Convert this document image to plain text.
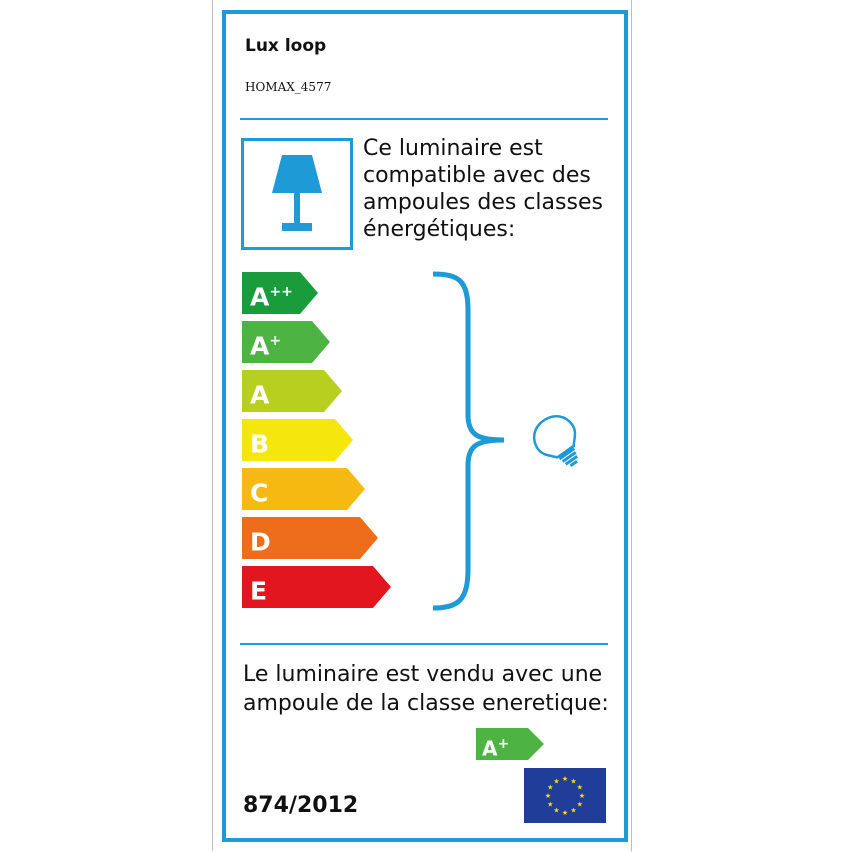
Lux loop
HOMAX_4577
Ce luminaire est compatible avec des ampoules des classes énergétiques:
A++
A+
A
B
C
D
E
Le luminaire est vendu avec une ampoule de la classe eneretique:
A+
874/2012
★ ★
★
★
★
★
★
★
★
★
★
★
